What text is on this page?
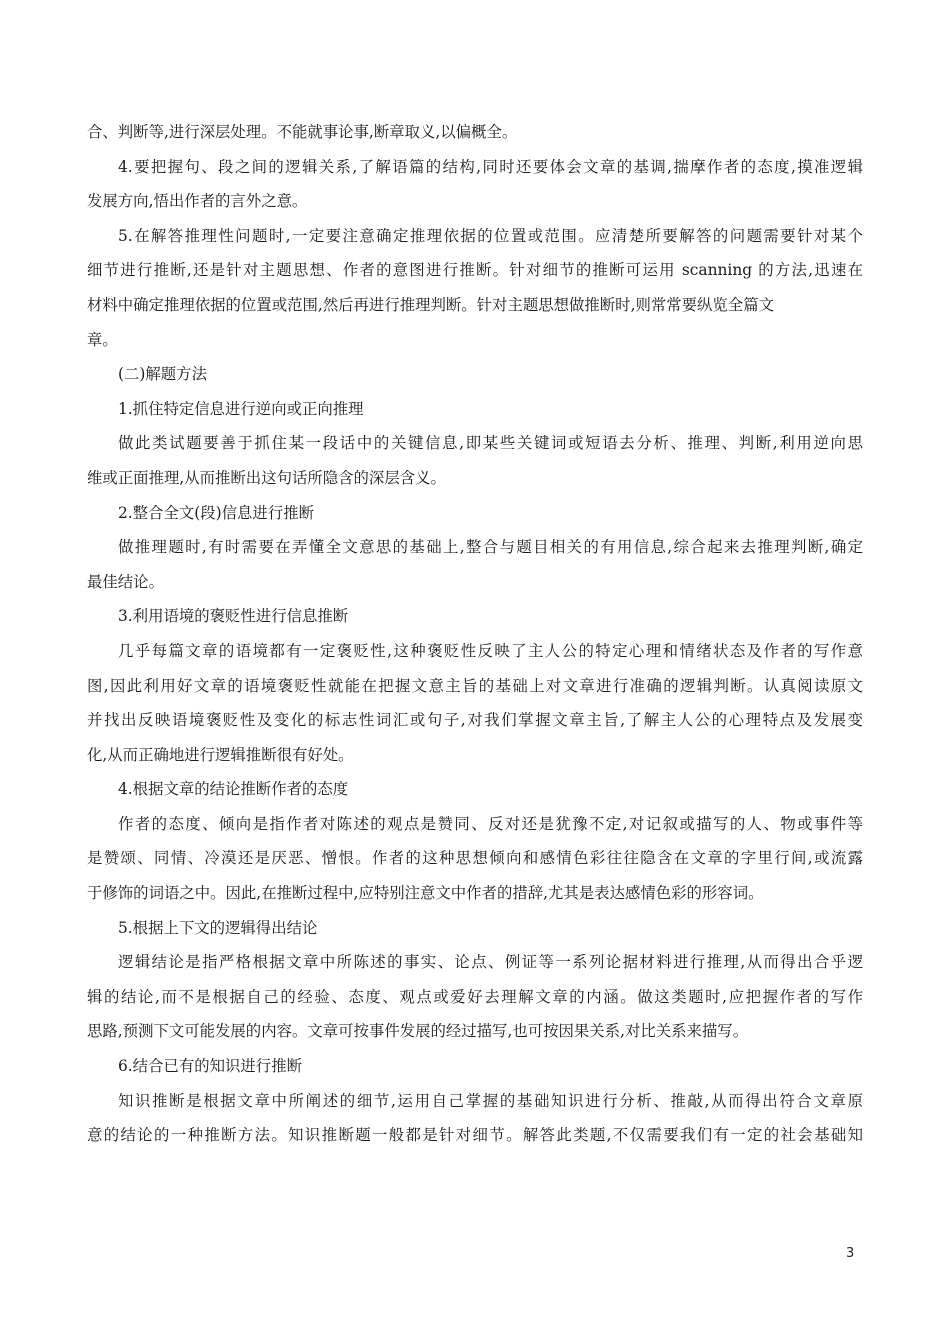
合、判断等,进行深层处理。不能就事论事,断章取义,以偏概全。
4.要把握句、段之间的逻辑关系,了解语篇的结构,同时还要体会文章的基调,揣摩作者的态度,摸准逻辑
发展方向,悟出作者的言外之意。
5.在解答推理性问题时,一定要注意确定推理依据的位置或范围。应清楚所要解答的问题需要针对某个
细节进行推断,还是针对主题思想、作者的意图进行推断。针对细节的推断可运用 scanning 的方法,迅速在
材料中确定推理依据的位置或范围,然后再进行推理判断。针对主题思想做推断时,则常常要纵览全篇文
章。
(二)解题方法
1.抓住特定信息进行逆向或正向推理
做此类试题要善于抓住某一段话中的关键信息,即某些关键词或短语去分析、推理、判断,利用逆向思
维或正面推理,从而推断出这句话所隐含的深层含义。
2.整合全文(段)信息进行推断
做推理题时,有时需要在弄懂全文意思的基础上,整合与题目相关的有用信息,综合起来去推理判断,确定
最佳结论。
3.利用语境的褒贬性进行信息推断
几乎每篇文章的语境都有一定褒贬性,这种褒贬性反映了主人公的特定心理和情绪状态及作者的写作意
图,因此利用好文章的语境褒贬性就能在把握文意主旨的基础上对文章进行准确的逻辑判断。认真阅读原文
并找出反映语境褒贬性及变化的标志性词汇或句子,对我们掌握文章主旨,了解主人公的心理特点及发展变
化,从而正确地进行逻辑推断很有好处。
4.根据文章的结论推断作者的态度
作者的态度、倾向是指作者对陈述的观点是赞同、反对还是犹豫不定,对记叙或描写的人、物或事件等
是赞颂、同情、冷漠还是厌恶、憎恨。作者的这种思想倾向和感情色彩往往隐含在文章的字里行间,或流露
于修饰的词语之中。因此,在推断过程中,应特别注意文中作者的措辞,尤其是表达感情色彩的形容词。
5.根据上下文的逻辑得出结论
逻辑结论是指严格根据文章中所陈述的事实、论点、例证等一系列论据材料进行推理,从而得出合乎逻
辑的结论,而不是根据自己的经验、态度、观点或爱好去理解文章的内涵。做这类题时,应把握作者的写作
思路,预测下文可能发展的内容。文章可按事件发展的经过描写,也可按因果关系,对比关系来描写。
6.结合已有的知识进行推断
知识推断是根据文章中所阐述的细节,运用自己掌握的基础知识进行分析、推敲,从而得出符合文章原
意的结论的一种推断方法。知识推断题一般都是针对细节。解答此类题,不仅需要我们有一定的社会基础知
3
